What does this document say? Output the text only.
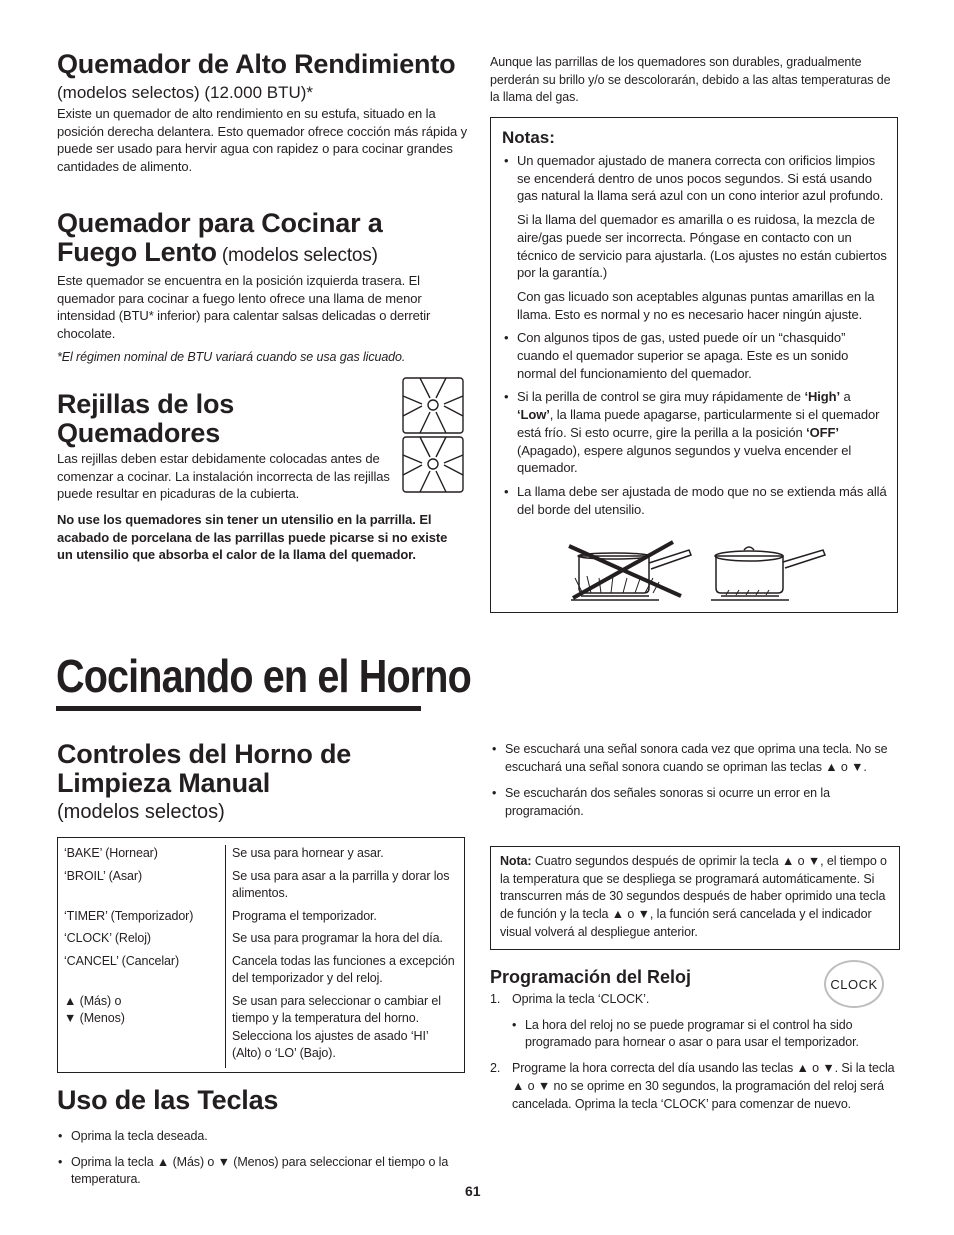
Quemador de Alto Rendimiento
(modelos selectos) (12.000 BTU)*

Existe un quemador de alto rendimiento en su estufa, situado en la posición derecha delantera. Esto quemador ofrece cocción más rápida y puede ser usado para hervir agua con rapidez o para cocinar grandes cantidades de alimento.

Quemador para Cocinar a
Fuego Lento (modelos selectos)

Este quemador se encuentra en la posición izquierda trasera. El quemador para cocinar a fuego lento ofrece una llama de menor intensidad (BTU* inferior) para calentar salsas delicadas o derretir chocolate.

*El régimen nominal de BTU variará cuando se usa gas licuado.

Rejillas de los
Quemadores

Las rejillas deben estar debidamente colocadas antes de comenzar a cocinar. La instalación incorrecta de las rejillas puede resultar en picaduras de la cubierta.

No use los quemadores sin tener un utensilio en la parrilla. El acabado de porcelana de las parrillas puede picarse si no existe un utensilio que absorba el calor de la llama del quemador.

Aunque las parrillas de los quemadores son durables, gradualmente perderán su brillo y/o se descolorarán, debido a las altas temperaturas de la llama del gas.

Notas:
• Un quemador ajustado de manera correcta con orificios limpios se encenderá dentro de unos pocos segundos. Si está usando gas natural la llama será azul con un cono interior azul profundo.
Si la llama del quemador es amarilla o es ruidosa, la mezcla de aire/gas puede ser incorrecta. Póngase en contacto con un técnico de servicio para ajustarla. (Los ajustes no están cubiertos por la garantía.)
Con gas licuado son aceptables algunas puntas amarillas en la llama. Esto es normal y no es necesario hacer ningún ajuste.
• Con algunos tipos de gas, usted puede oír un “chasquido” cuando el quemador superior se apaga. Este es un sonido normal del funcionamiento del quemador.
• Si la perilla de control se gira muy rápidamente de ‘High’ a ‘Low’, la llama puede apagarse, particularmente si el quemador está frío. Si esto ocurre, gire la perilla a la posición ‘OFF’ (Apagado), espere algunos segundos y vuelva encender el quemador.
• La llama debe ser ajustada de modo que no se extienda más allá del borde del utensilio.
Cocinando en el Horno
Controles del Horno de
Limpieza Manual
(modelos selectos)
‘BAKE’ (Hornear)	Se usa para hornear y asar.
‘BROIL’ (Asar)	Se usa para asar a la parrilla y dorar los alimentos.
‘TIMER’ (Temporizador)	Programa el temporizador.
‘CLOCK’ (Reloj)	Se usa para programar la hora del día.
‘CANCEL’ (Cancelar)	Cancela todas las funciones a excepción del temporizador y del reloj.
▲ (Más) o
▼ (Menos)	Se usan para seleccionar o cambiar el tiempo y la temperatura del horno. Selecciona los ajustes de asado ‘HI’ (Alto) o ‘LO’ (Bajo).
Uso de las Teclas
• Oprima la tecla deseada.
• Oprima la tecla ▲ (Más) o ▼ (Menos) para seleccionar el tiempo o la temperatura.
• Se escuchará una señal sonora cada vez que oprima una tecla. No se escuchará una señal sonora cuando se opriman las teclas ▲ o ▼.
• Se escucharán dos señales sonoras si ocurre un error en la programación.

Nota: Cuatro segundos después de oprimir la tecla ▲ o ▼, el tiempo o la temperatura que se despliega se programará automáticamente. Si transcurren más de 30 segundos después de haber oprimido una tecla de función y la tecla ▲ o ▼, la función será cancelada y el indicador visual volverá al despliegue anterior.

Programación del Reloj	CLOCK
1. Oprima la tecla ‘CLOCK’.
• La hora del reloj no se puede programar si el control ha sido programado para hornear o asar o para usar el temporizador.
2. Programe la hora correcta del día usando las teclas ▲ o ▼. Si la tecla ▲ o ▼ no se oprime en 30 segundos, la programación del reloj será cancelada. Oprima la tecla ‘CLOCK’ para comenzar de nuevo.
61
